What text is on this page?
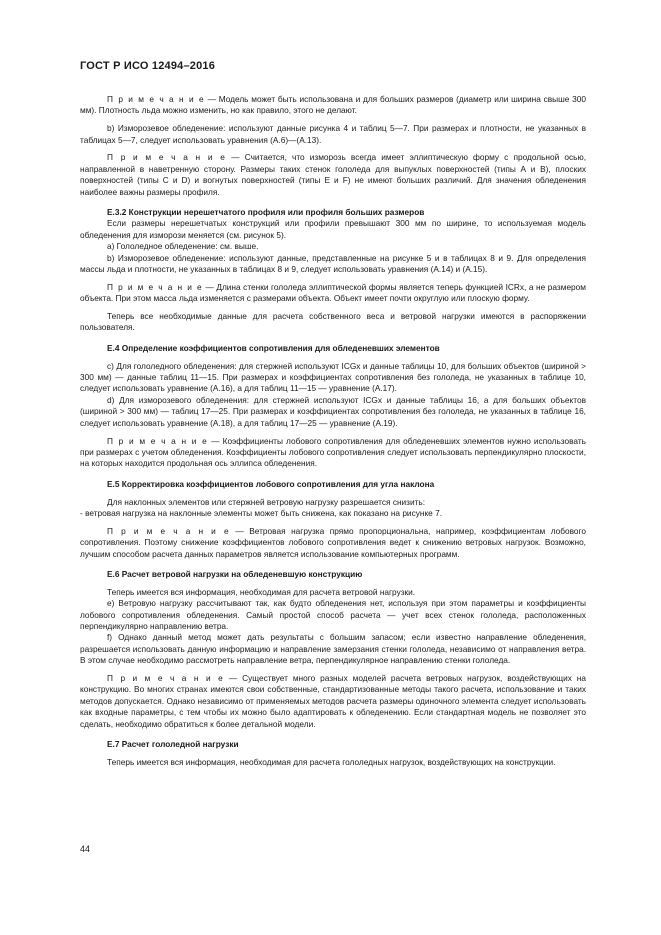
ГОСТ Р ИСО 12494–2016

П р и м е ч а н и е — Модель может быть использована и для больших размеров (диаметр или ширина свыше 300 мм). Плотность льда можно изменить, но как правило, этого не делают.

b) Изморозевое обледенение: используют данные рисунка 4 и таблиц 5—7. При размерах и плотности, не указанных в таблицах 5—7, следует использовать уравнения (А.6)—(А.13).

П р и м е ч а н и е — Считается, что изморозь всегда имеет эллиптическую форму с продольной осью, направленной в наветренную сторону. Размеры таких стенок гололеда для выпуклых поверхностей (типы А и В), плоских поверхностей (типы С и D) и вогнутых поверхностей (типы Е и F) не имеют больших различий. Для значения обледенения наиболее важны размеры профиля.

Е.3.2 Конструкции нерешетчатого профиля или профиля больших размеров

Если размеры нерешетчатых конструкций или профили превышают 300 мм по ширине, то используемая модель обледенения для изморози меняется (см. рисунок 5).

a) Гололедное обледенение: см. выше.

b) Изморозевое обледенение: используют данные, представленные на рисунке 5 и в таблицах 8 и 9. Для определения массы льда и плотности, не указанных в таблицах 8 и 9, следует использовать уравнения (А.14) и (А.15).

П р и м е ч а н и е — Длина стенки гололеда эллиптической формы является теперь функцией ICRх, а не размером объекта. При этом масса льда изменяется с размерами объекта. Объект имеет почти округлую или плоскую форму.

Теперь все необходимые данные для расчета собственного веса и ветровой нагрузки имеются в распоряжении пользователя.

Е.4 Определение коэффициентов сопротивления для обледеневших элементов

c) Для гололедного обледенения: для стержней используют ICGх и данные таблицы 10, для больших объектов (шириной > 300 мм) — данные таблиц 11—15. При размерах и коэффициентах сопротивления без гололеда, не указанных в таблице 10, следует использовать уравнение (А.16), а для таблиц 11—15 — уравнение (А.17).

d) Для изморозевого обледенения: для стержней используют ICGх и данные таблицы 16, а для больших объектов (шириной > 300 мм) — таблиц 17—25. При размерах и коэффициентах сопротивления без гололеда, не указанных в таблице 16, следует использовать уравнение (А.18), а для таблиц 17—25 — уравнение (А.19).

П р и м е ч а н и е — Коэффициенты лобового сопротивления для обледеневших элементов нужно использовать при размерах с учетом обледенения. Коэффициенты лобового сопротивления следует использовать перпендикулярно плоскости, на которых находится продольная ось эллипса обледенения.

Е.5 Корректировка коэффициентов лобового сопротивления для угла наклона

Для наклонных элементов или стержней ветровую нагрузку разрешается снизить:

- ветровая нагрузка на наклонные элементы может быть снижена, как показано на рисунке 7.

П р и м е ч а н и е — Ветровая нагрузка прямо пропорциональна, например, коэффициентам лобового сопротивления. Поэтому снижение коэффициентов лобового сопротивления ведет к снижению ветровых нагрузок. Возможно, лучшим способом расчета данных параметров является использование компьютерных программ.

Е.6 Расчет ветровой нагрузки на обледеневшую конструкцию

Теперь имеется вся информация, необходимая для расчета ветровой нагрузки.

e) Ветровую нагрузку рассчитывают так, как будто обледенения нет, используя при этом параметры и коэффициенты лобового сопротивления обледенения. Самый простой способ расчета — учет всех стенок гололеда, расположенных перпендикулярно направлению ветра.

f) Однако данный метод может дать результаты с большим запасом; если известно направление обледенения, разрешается использовать данную информацию и направление замерзания стенки гололеда, независимо от направления ветра. В этом случае необходимо рассмотреть направление ветра, перпендикулярное направлению стенки гололеда.

П р и м е ч а н и е — Существует много разных моделей расчета ветровых нагрузок, воздействующих на конструкцию. Во многих странах имеются свои собственные, стандартизованные методы такого расчета, использование и таких методов допускается. Однако независимо от применяемых методов расчета размеры одиночного элемента следует использовать как входные параметры, с тем чтобы их можно было адаптировать к обледенению. Если стандартная модель не позволяет это сделать, необходимо обратиться к более детальной модели.

Е.7 Расчет гололедной нагрузки

Теперь имеется вся информация, необходимая для расчета гололедных нагрузок, воздействующих на конструкции.

44
